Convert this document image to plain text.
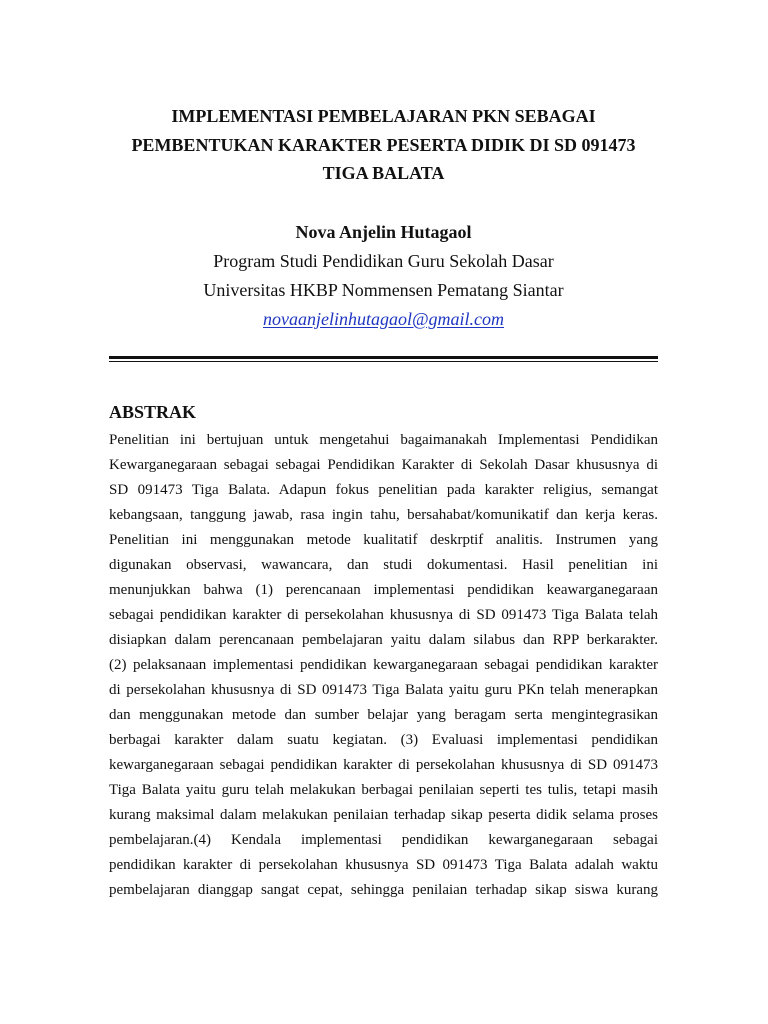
IMPLEMENTASI PEMBELAJARAN PKN SEBAGAI
PEMBENTUKAN KARAKTER PESERTA DIDIK DI SD 091473
TIGA BALATA
Nova Anjelin Hutagaol
Program Studi Pendidikan Guru Sekolah Dasar
Universitas HKBP Nommensen Pematang Siantar
novaanjelinhutagaol@gmail.com
ABSTRAK
Penelitian ini bertujuan untuk mengetahui bagaimanakah Implementasi Pendidikan
Kewarganegaraan sebagai sebagai Pendidikan Karakter di Sekolah Dasar khususnya di
SD 091473 Tiga Balata. Adapun fokus penelitian pada karakter religius, semangat
kebangsaan, tanggung jawab, rasa ingin tahu, bersahabat/komunikatif dan kerja keras.
Penelitian ini menggunakan metode kualitatif deskrptif analitis. Instrumen yang
digunakan observasi, wawancara, dan studi dokumentasi. Hasil penelitian ini
menunjukkan bahwa (1) perencanaan implementasi pendidikan keawarganegaraan
sebagai pendidikan karakter di persekolahan khususnya di SD 091473 Tiga Balata telah
disiapkan dalam perencanaan pembelajaran yaitu dalam silabus dan RPP berkarakter.
(2) pelaksanaan implementasi pendidikan kewarganegaraan sebagai pendidikan karakter
di persekolahan khususnya di SD 091473 Tiga Balata yaitu guru PKn telah menerapkan
dan menggunakan metode dan sumber belajar yang beragam serta mengintegrasikan
berbagai karakter dalam suatu kegiatan. (3) Evaluasi implementasi pendidikan
kewarganegaraan sebagai pendidikan karakter di persekolahan khususnya di SD 091473
Tiga Balata yaitu guru telah melakukan berbagai penilaian seperti tes tulis, tetapi masih
kurang maksimal dalam melakukan penilaian terhadap sikap peserta didik selama proses
pembelajaran.(4) Kendala implementasi pendidikan kewarganegaraan sebagai
pendidikan karakter di persekolahan khususnya SD 091473 Tiga Balata adalah waktu
pembelajaran dianggap sangat cepat, sehingga penilaian terhadap sikap siswa kurang
